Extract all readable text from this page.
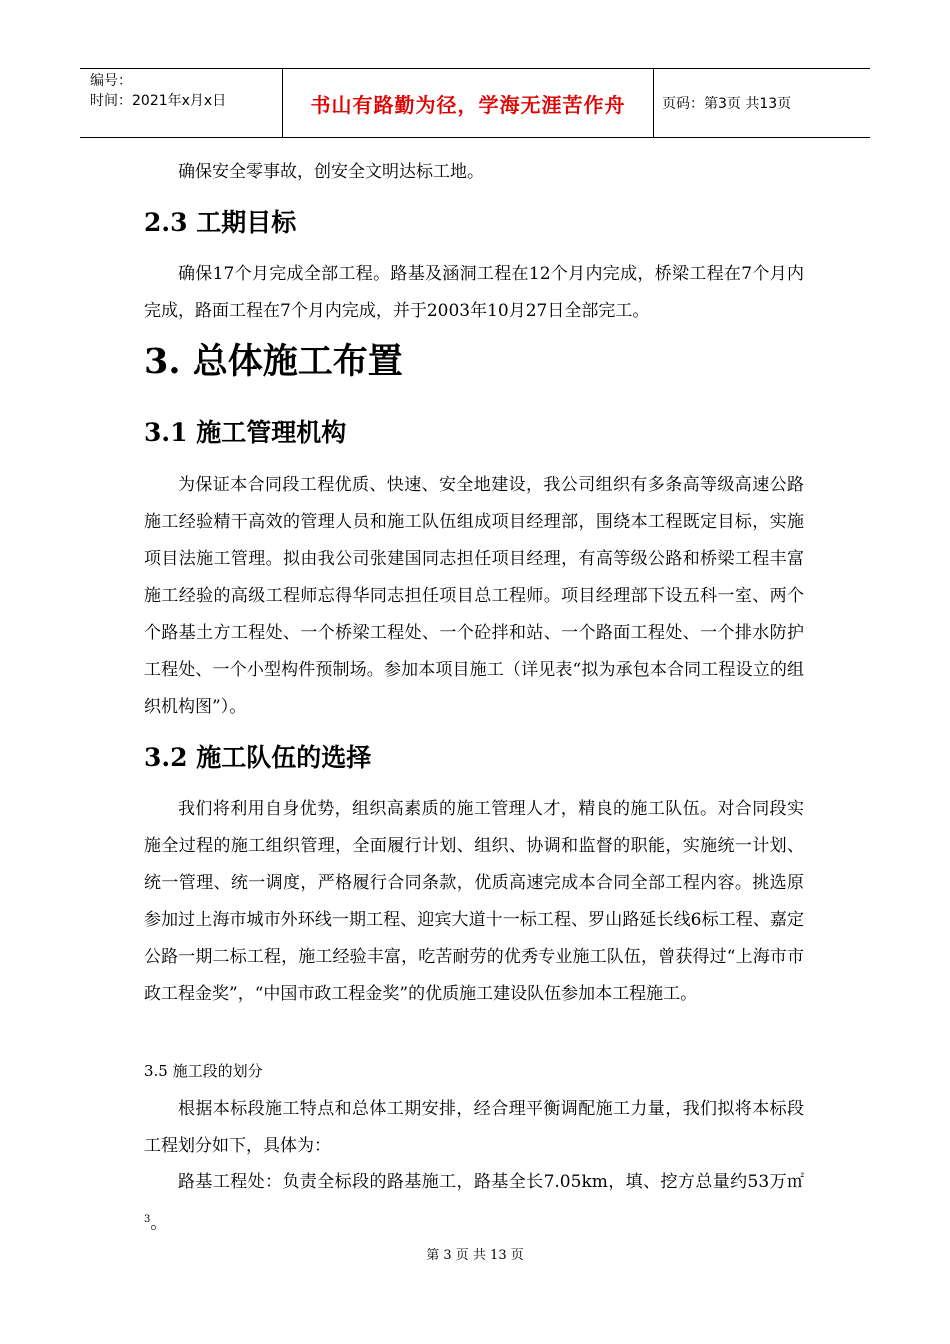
编号：
时间：2021年x月x日	书山有路勤为径，学海无涯苦作舟	页码：第3页 共13页

确保安全零事故，创安全文明达标工地。

2.3 工期目标

确保17个月完成全部工程。路基及涵洞工程在12个月内完成，桥梁工程在7个月内完成，路面工程在7个月内完成，并于2003年10月27日全部完工。

3. 总体施工布置
3.1 施工管理机构

为保证本合同段工程优质、快速、安全地建设，我公司组织有多条高等级高速公路施工经验精干高效的管理人员和施工队伍组成项目经理部，围绕本工程既定目标，实施项目法施工管理。拟由我公司张建国同志担任项目经理，有高等级公路和桥梁工程丰富施工经验的高级工程师忘得华同志担任项目总工程师。项目经理部下设五科一室、两个个路基土方工程处、一个桥梁工程处、一个砼拌和站、一个路面工程处、一个排水防护工程处、一个小型构件预制场。参加本项目施工（详见表“拟为承包本合同工程设立的组织机构图”）。

3.2 施工队伍的选择

我们将利用自身优势，组织高素质的施工管理人才，精良的施工队伍。对合同段实施全过程的施工组织管理，全面履行计划、组织、协调和监督的职能，实施统一计划、统一管理、统一调度，严格履行合同条款，优质高速完成本合同全部工程内容。挑选原参加过上海市城市外环线一期工程、迎宾大道十一标工程、罗山路延长线6标工程、嘉定公路一期二标工程，施工经验丰富，吃苦耐劳的优秀专业施工队伍，曾获得过“上海市市政工程金奖”，“中国市政工程金奖”的优质施工建设队伍参加本工程施工。

3.5 施工段的划分

根据本标段施工特点和总体工期安排，经合理平衡调配施工力量，我们拟将本标段工程划分如下，具体为：

路基工程处：负责全标段的路基施工，路基全长7.05km，填、挖方总量约53万㎡$^3$。

第 3 页 共 13 页
